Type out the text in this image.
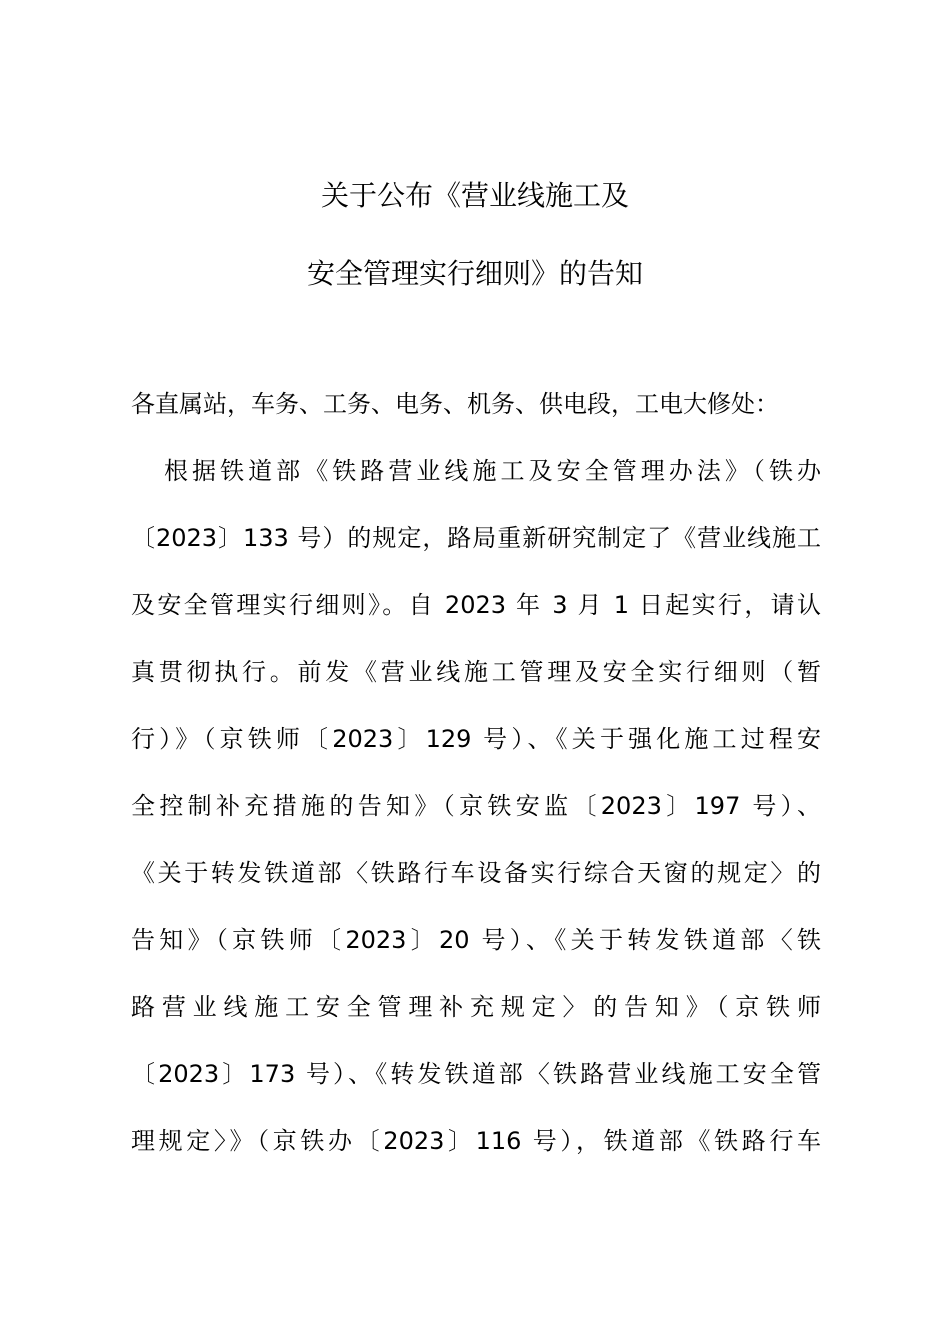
关于公布《营业线施工及
安全管理实行细则》的告知
各直属站，车务、工务、电务、机务、供电段，工电大修处：
根据铁道部《铁路营业线施工及安全管理办法》（铁办
〔2023〕133 号）的规定，路局重新研究制定了《营业线施工
及安全管理实行细则》。自 2023 年 3 月 1 日起实行，请认
真贯彻执行。前发《营业线施工管理及安全实行细则（暂
行）》（京铁师〔2023〕129 号）、《关于强化施工过程安
全控制补充措施的告知》（京铁安监〔2023〕197 号）、
《关于转发铁道部〈铁路行车设备实行综合天窗的规定〉的
告知》（京铁师〔2023〕20 号）、《关于转发铁道部〈铁
路营业线施工安全管理补充规定〉的告知》（京铁师
〔2023〕173 号）、《转发铁道部〈铁路营业线施工安全管
理规定〉》（京铁办〔2023〕116 号），铁道部《铁路行车
